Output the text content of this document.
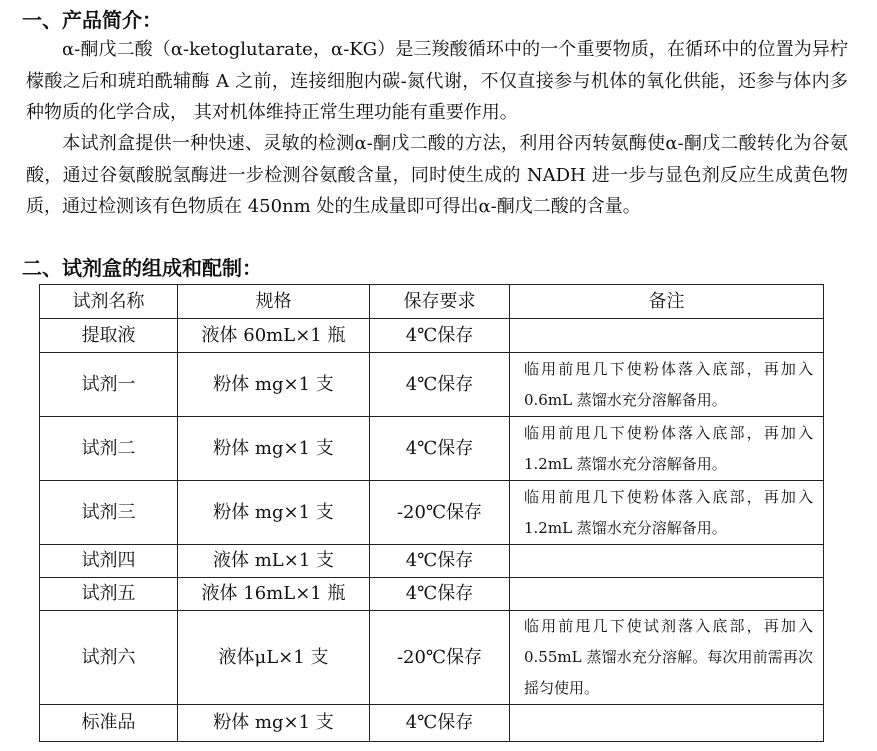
一、产品简介：
α-酮戊二酸（α-ketoglutarate，α-KG）是三羧酸循环中的一个重要物质，在循环中的位置为异柠檬酸之后和琥珀酰辅酶 A 之前，连接细胞内碳-氮代谢，不仅直接参与机体的氧化供能，还参与体内多种物质的化学合成， 其对机体维持正常生理功能有重要作用。
本试剂盒提供一种快速、灵敏的检测α-酮戊二酸的方法，利用谷丙转氨酶使α-酮戊二酸转化为谷氨酸，通过谷氨酸脱氢酶进一步检测谷氨酸含量，同时使生成的 NADH 进一步与显色剂反应生成黄色物质，通过检测该有色物质在 450nm 处的生成量即可得出α-酮戊二酸的含量。
二、试剂盒的组成和配制：
试剂名称	规格	保存要求	备注
提取液	液体 60mL×1 瓶	4℃保存	
试剂一	粉体 mg×1 支	4℃保存	临用前甩几下使粉体落入底部，再加入 0.6mL 蒸馏水充分溶解备用。
试剂二	粉体 mg×1 支	4℃保存	临用前甩几下使粉体落入底部，再加入 1.2mL 蒸馏水充分溶解备用。
试剂三	粉体 mg×1 支	-20℃保存	临用前甩几下使粉体落入底部，再加入 1.2mL 蒸馏水充分溶解备用。
试剂四	液体 mL×1 支	4℃保存	
试剂五	液体 16mL×1 瓶	4℃保存	
试剂六	液体μL×1 支	-20℃保存	临用前甩几下使试剂落入底部，再加入 0.55mL 蒸馏水充分溶解。每次用前需再次摇匀使用。
标准品	粉体 mg×1 支	4℃保存	
